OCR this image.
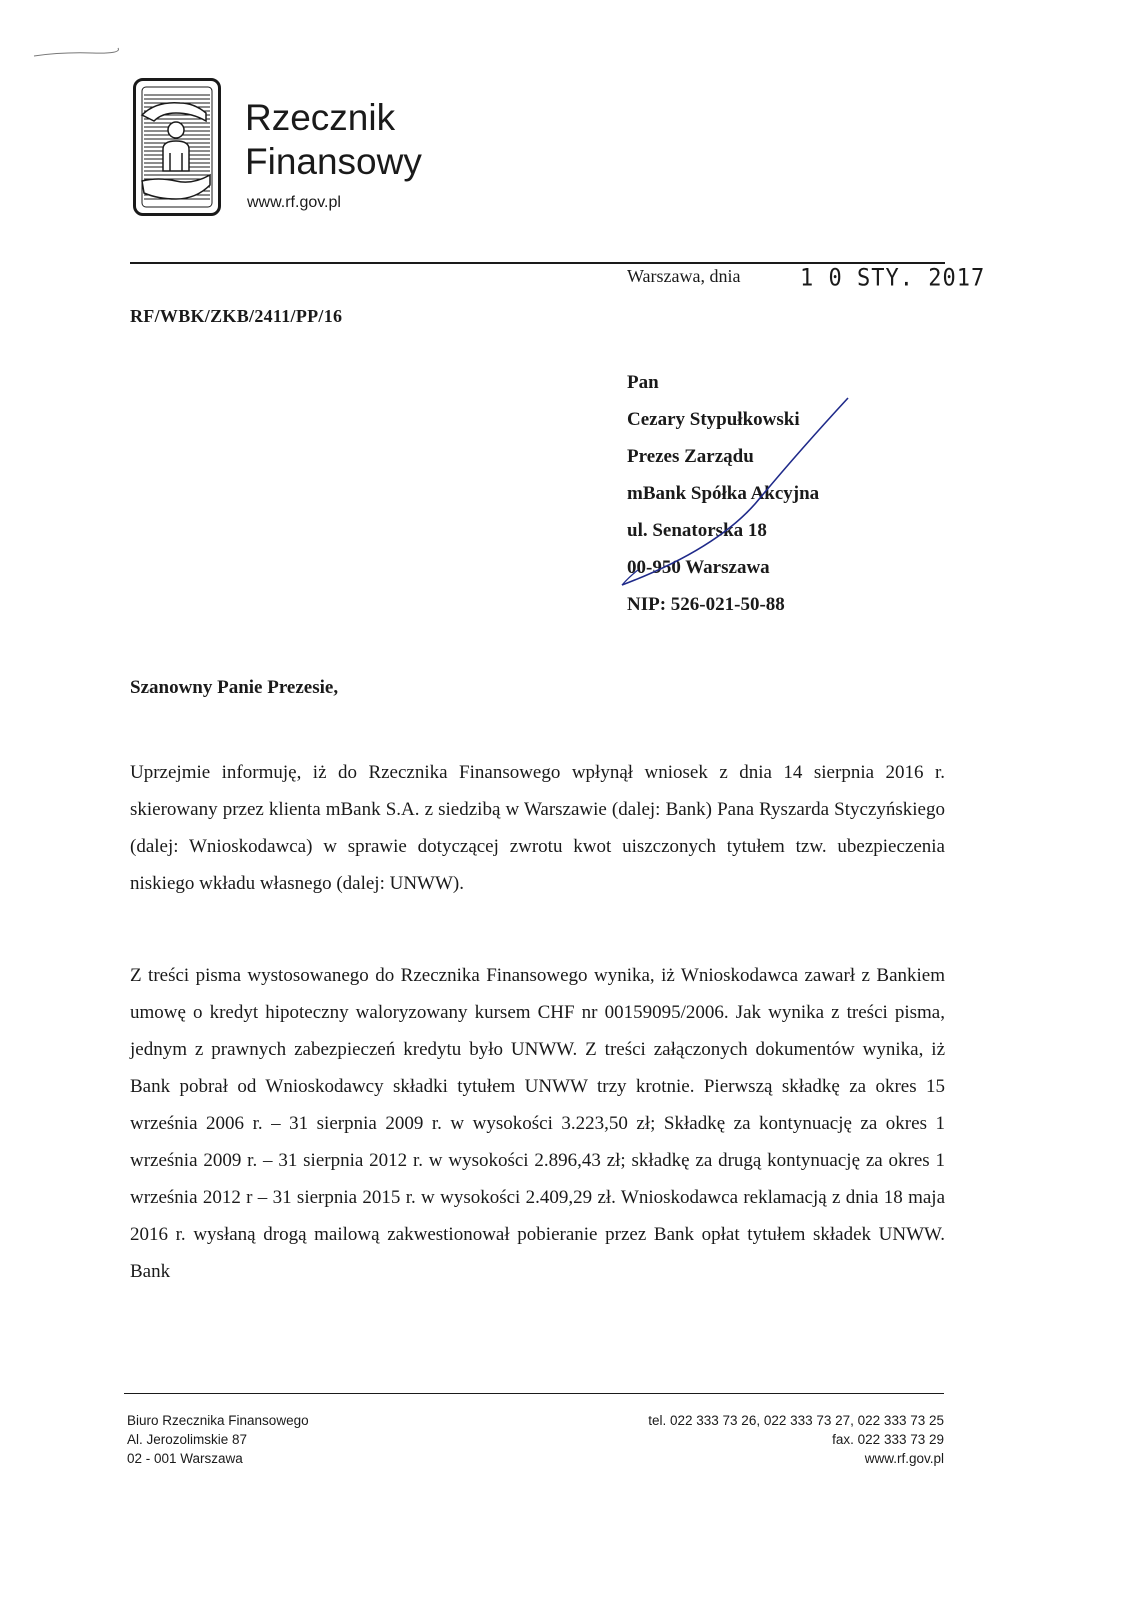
Rzecznik
Finansowy
www.rf.gov.pl
Warszawa, dnia	1 0 STY. 2017
RF/WBK/ZKB/2411/PP/16
Pan
Cezary Stypułkowski
Prezes Zarządu
mBank Spółka Akcyjna
ul. Senatorska 18
00-950 Warszawa
NIP: 526-021-50-88
Szanowny Panie Prezesie,
Uprzejmie informuję, iż do Rzecznika Finansowego wpłynął wniosek z dnia 14 sierpnia 2016 r. skierowany przez klienta mBank S.A. z siedzibą w Warszawie (dalej: Bank) Pana Ryszarda Styczyńskiego (dalej: Wnioskodawca) w sprawie dotyczącej zwrotu kwot uiszczonych tytułem tzw. ubezpieczenia niskiego wkładu własnego (dalej: UNWW).
Z treści pisma wystosowanego do Rzecznika Finansowego wynika, iż Wnioskodawca zawarł z Bankiem umowę o kredyt hipoteczny waloryzowany kursem CHF nr 00159095/2006. Jak wynika z treści pisma, jednym z prawnych zabezpieczeń kredytu było UNWW. Z treści załączonych dokumentów wynika, iż Bank pobrał od Wnioskodawcy składki tytułem UNWW trzy krotnie. Pierwszą składkę za okres 15 września 2006 r. – 31 sierpnia 2009 r. w wysokości 3.223,50 zł; Składkę za kontynuację za okres 1 września 2009 r. – 31 sierpnia 2012 r. w wysokości 2.896,43 zł; składkę za drugą kontynuację za okres 1 września 2012 r – 31 sierpnia 2015 r. w wysokości 2.409,29 zł. Wnioskodawca reklamacją z dnia 18 maja 2016 r. wysłaną drogą mailową zakwestionował pobieranie przez Bank opłat tytułem składek UNWW. Bank
Biuro Rzecznika Finansowego
Al. Jerozolimskie 87
02 - 001 Warszawa
tel. 022 333 73 26, 022 333 73 27, 022 333 73 25
fax. 022 333 73 29
www.rf.gov.pl
